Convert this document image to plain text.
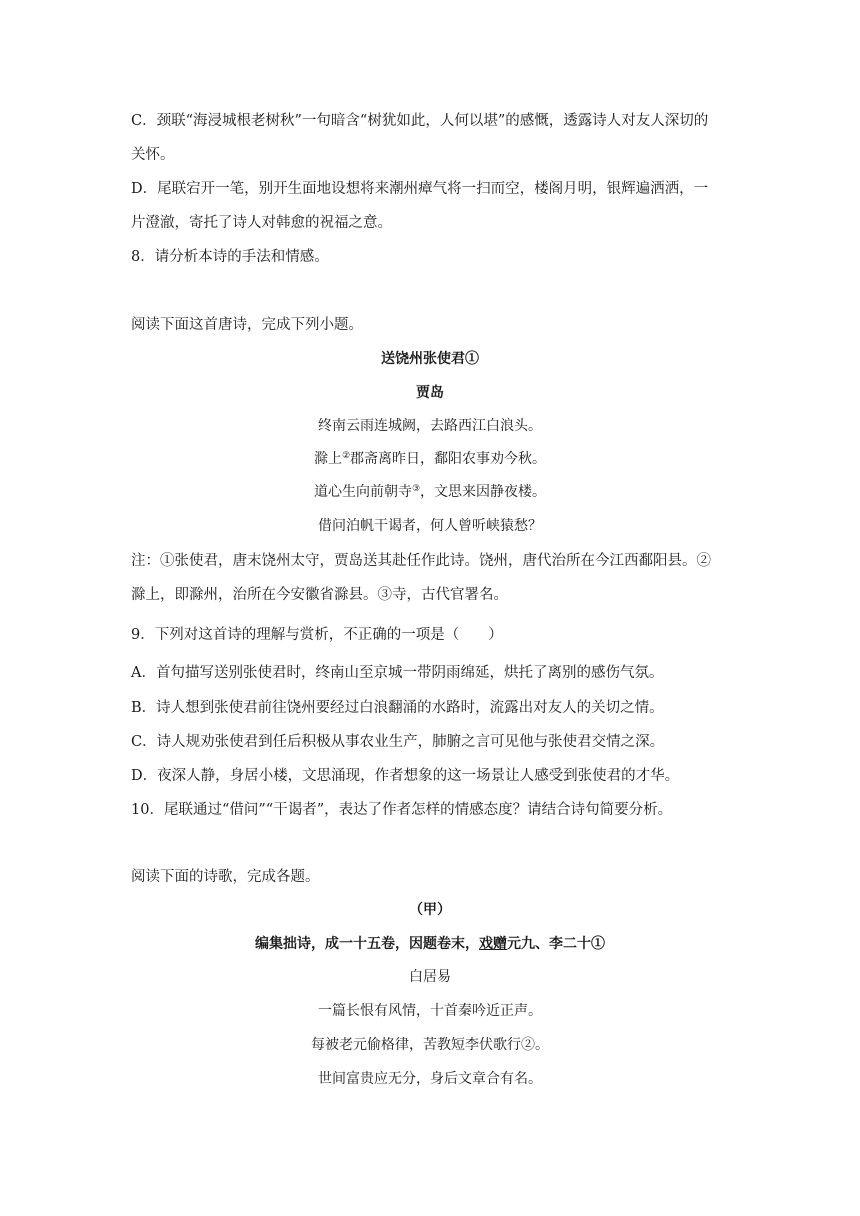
C．颈联“海浸城根老树秋”一句暗含“树犹如此，人何以堪”的感慨，透露诗人对友人深切的
关怀。
D．尾联宕开一笔，别开生面地设想将来潮州瘴气将一扫而空，楼阁月明，银辉遍洒洒，一
片澄澈，寄托了诗人对韩愈的祝福之意。
8．请分析本诗的手法和情感。
阅读下面这首唐诗，完成下列小题。
送饶州张使君①
贾岛
终南云雨连城阙，去路西江白浪头。
滁上②郡斋离昨日，鄱阳农事劝今秋。
道心生向前朝寺③，文思来因静夜楼。
借问泊帆干谒者，何人曾听峡猿愁？
注：①张使君，唐末饶州太守，贾岛送其赴任作此诗。饶州，唐代治所在今江西鄱阳县。②
滁上，即滁州，治所在今安徽省滁县。③寺，古代官署名。
9．下列对这首诗的理解与赏析，不正确的一项是（　　）
A．首句描写送别张使君时，终南山至京城一带阴雨绵延，烘托了离别的感伤气氛。
B．诗人想到张使君前往饶州要经过白浪翻涌的水路时，流露出对友人的关切之情。
C．诗人规劝张使君到任后积极从事农业生产，肺腑之言可见他与张使君交情之深。
D．夜深人静，身居小楼，文思涌现，作者想象的这一场景让人感受到张使君的才华。
10．尾联通过“借问”“干谒者”，表达了作者怎样的情感态度？请结合诗句简要分析。
阅读下面的诗歌，完成各题。
（甲）
编集拙诗，成一十五卷，因题卷末，戏赠元九、李二十①
白居易
一篇长恨有风情，十首秦吟近正声。
每被老元偷格律，苦教短李伏歌行②。
世间富贵应无分，身后文章合有名。
